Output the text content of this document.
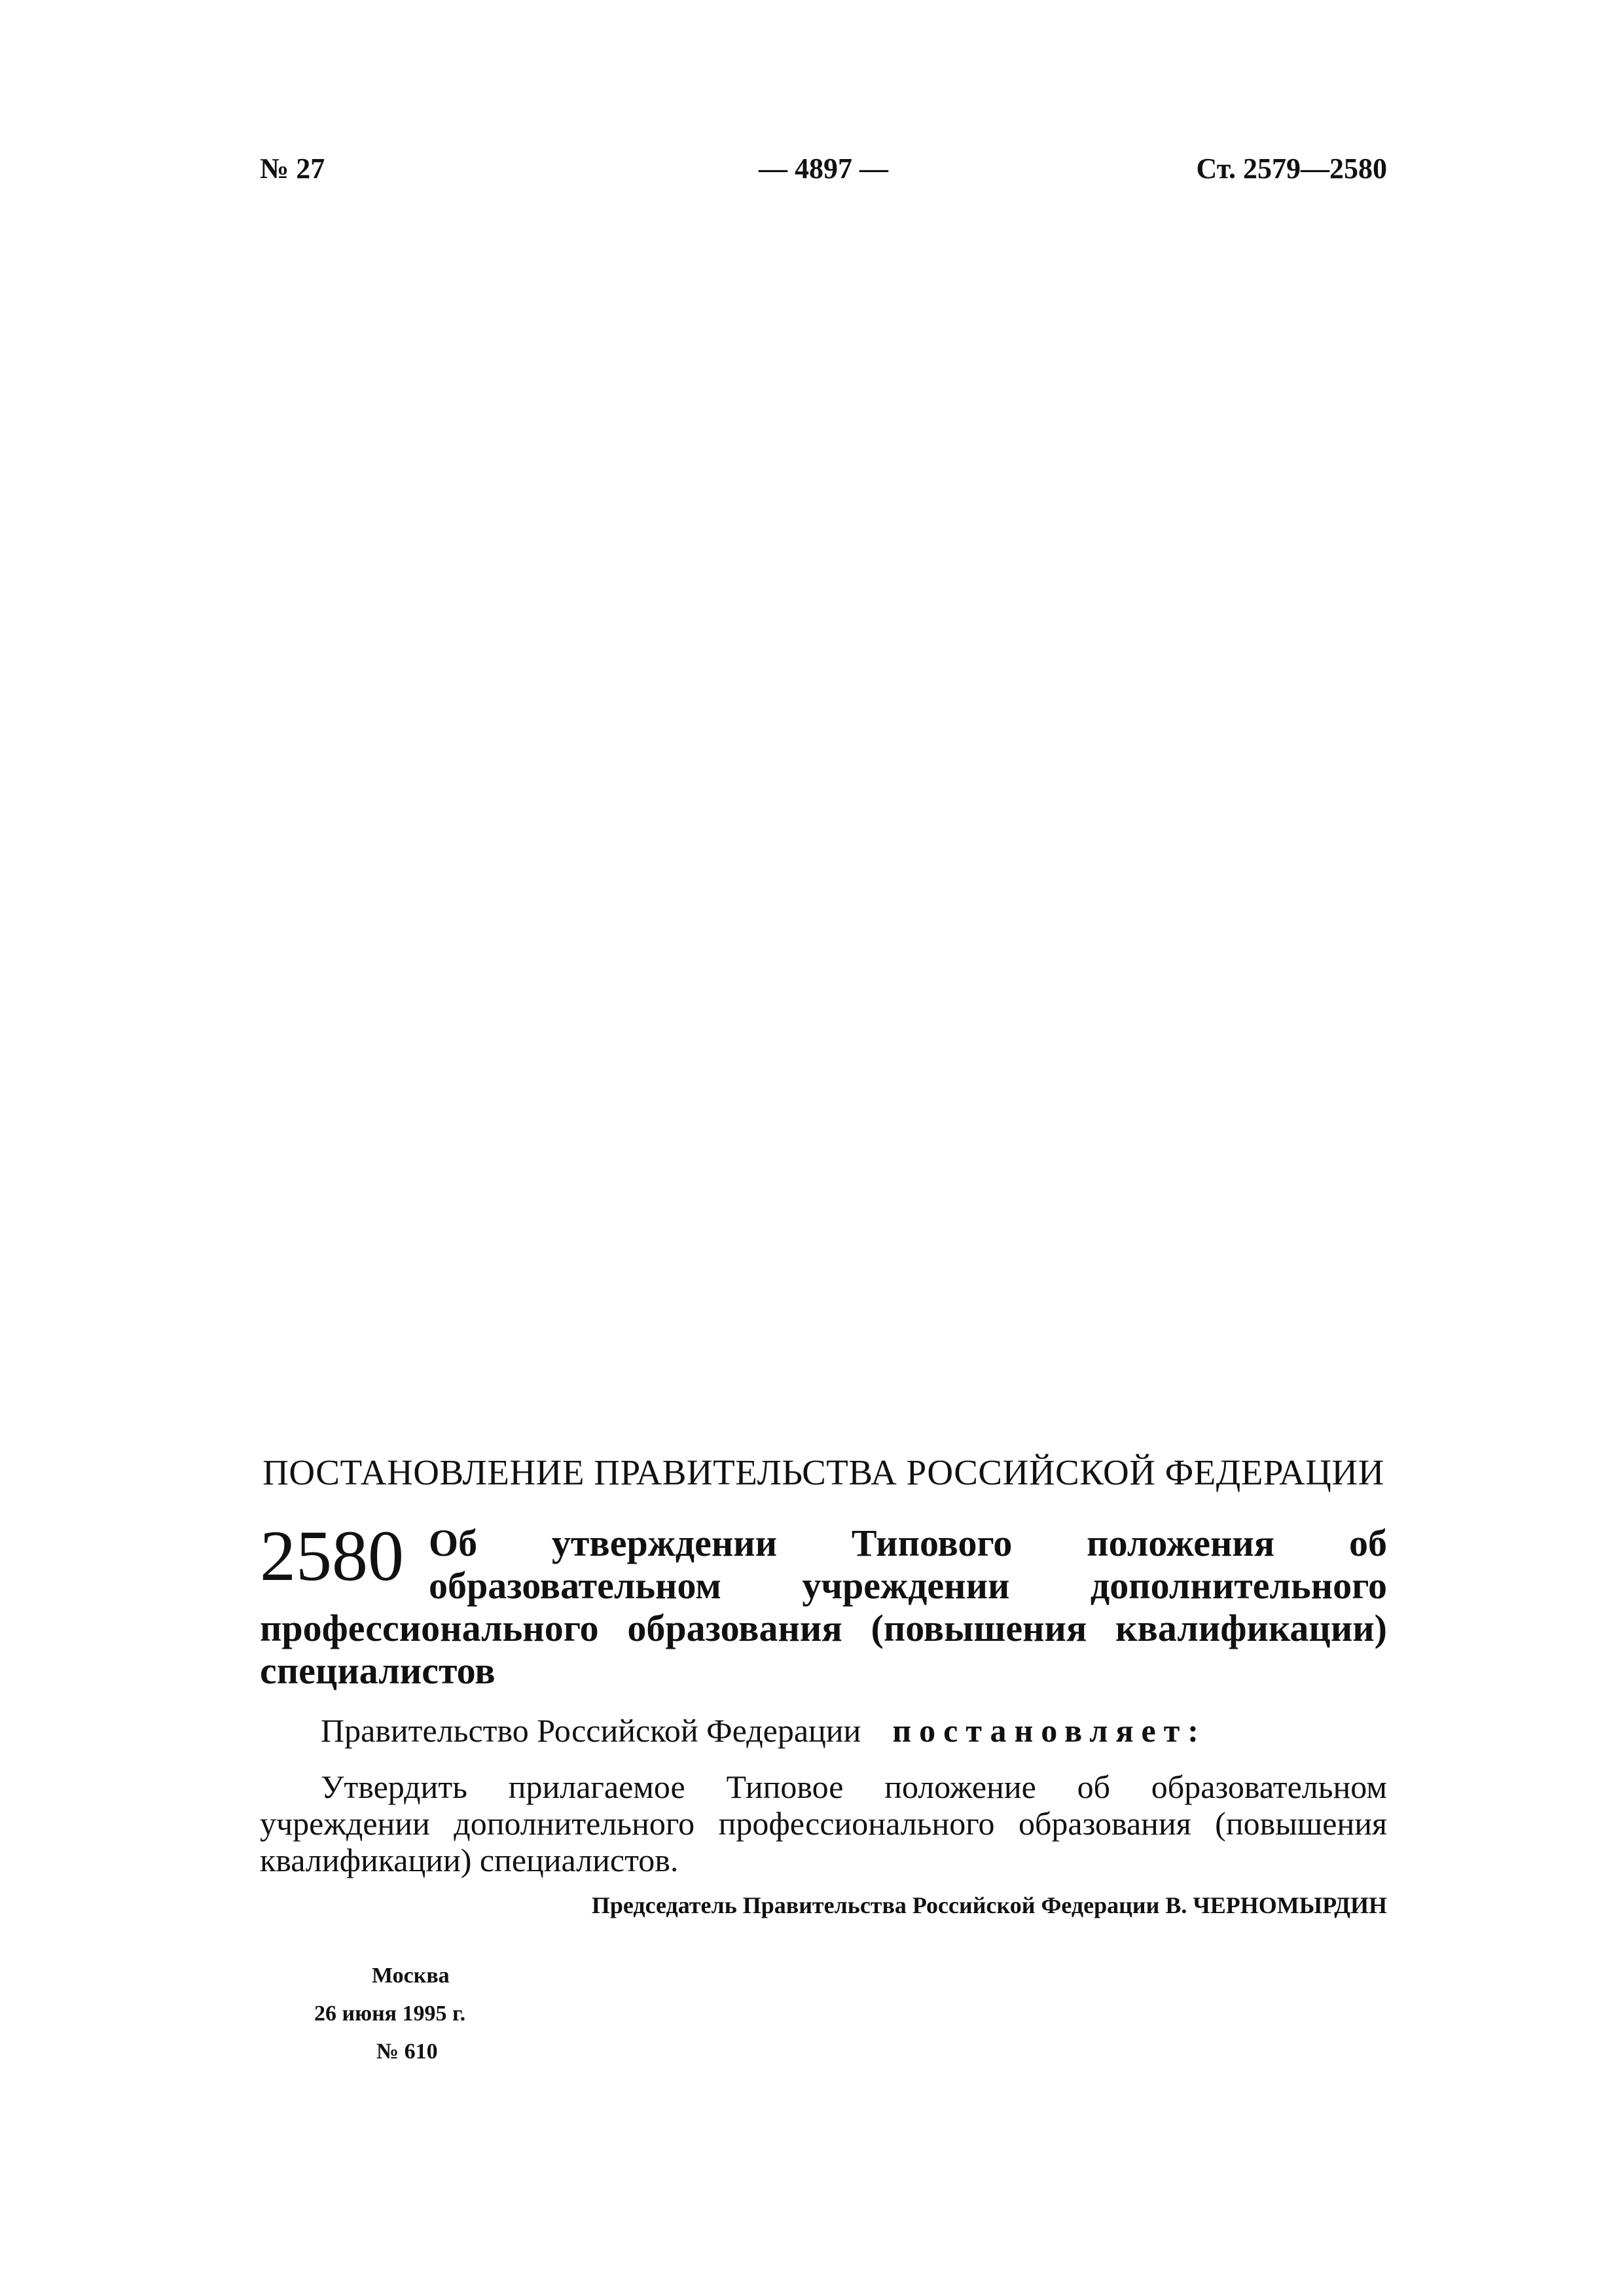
№ 27	— 4897 —	Ст. 2579—2580
ПОСТАНОВЛЕНИЕ ПРАВИТЕЛЬСТВА РОССИЙСКОЙ ФЕДЕРАЦИИ
2580 Об утверждении Типового положения об образовательном учреждении дополнительного профессионального образования (повышения квалификации) специалистов
Правительство Российской Федерации постановляет:
Утвердить прилагаемое Типовое положение об образовательном учреждении дополнительного профессионального образования (повышения квалификации) специалистов.
Председатель Правительства Российской Федерации В. ЧЕРНОМЫРДИН
Москва
26 июня 1995 г.
№ 610
